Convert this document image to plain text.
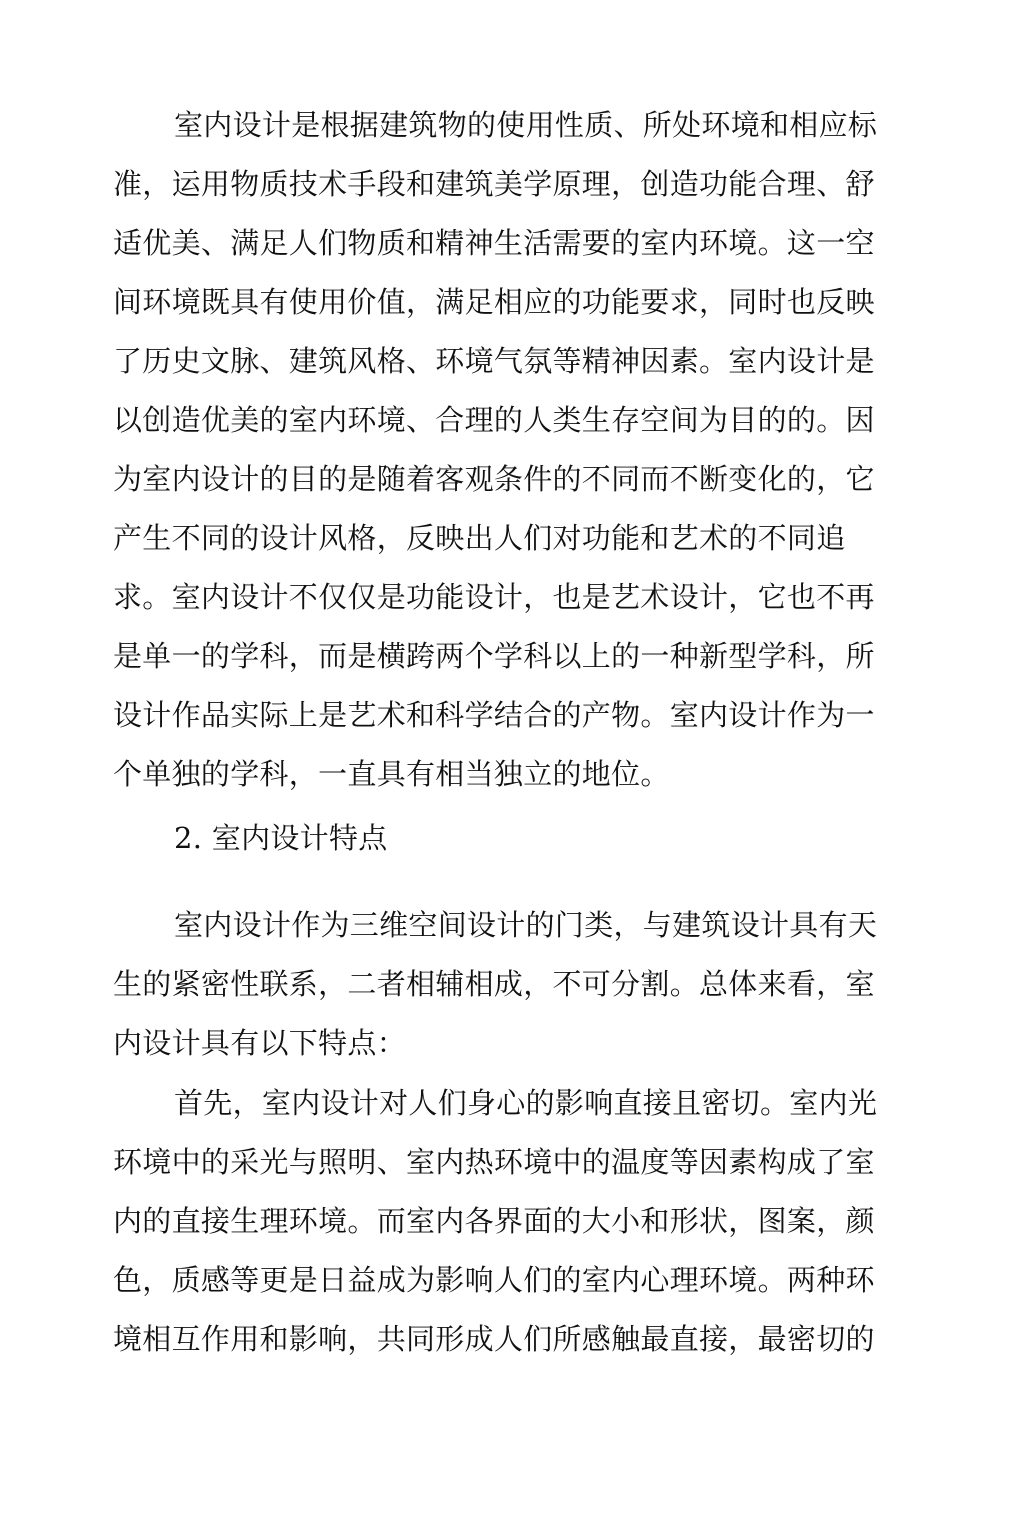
室内设计是根据建筑物的使用性质、所处环境和相应标
准，运用物质技术手段和建筑美学原理，创造功能合理、舒
适优美、满足人们物质和精神生活需要的室内环境。这一空
间环境既具有使用价值，满足相应的功能要求，同时也反映
了历史文脉、建筑风格、环境气氛等精神因素。室内设计是
以创造优美的室内环境、合理的人类生存空间为目的的。因
为室内设计的目的是随着客观条件的不同而不断变化的，它
产生不同的设计风格，反映出人们对功能和艺术的不同追
求。室内设计不仅仅是功能设计，也是艺术设计，它也不再
是单一的学科，而是横跨两个学科以上的一种新型学科，所
设计作品实际上是艺术和科学结合的产物。室内设计作为一
个单独的学科，一直具有相当独立的地位。
2. 室内设计特点
室内设计作为三维空间设计的门类，与建筑设计具有天
生的紧密性联系，二者相辅相成，不可分割。总体来看，室
内设计具有以下特点：
首先，室内设计对人们身心的影响直接且密切。室内光
环境中的采光与照明、室内热环境中的温度等因素构成了室
内的直接生理环境。而室内各界面的大小和形状，图案，颜
色，质感等更是日益成为影响人们的室内心理环境。两种环
境相互作用和影响，共同形成人们所感触最直接，最密切的
